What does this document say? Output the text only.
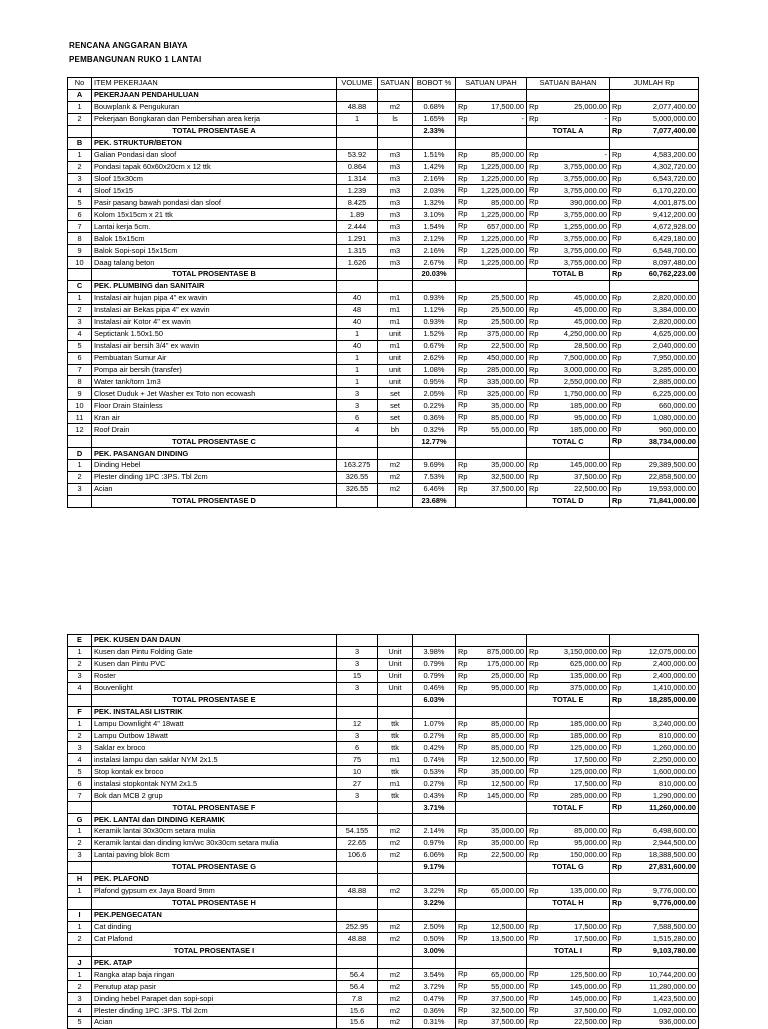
RENCANA ANGGARAN BIAYA
PEMBANGUNAN RUKO 1 LANTAI
No	ITEM PEKERJAAN	VOLUME	SATUAN	BOBOT %	SATUAN UPAH	SATUAN BAHAN	JUMLAH Rp
A	PEKERJAAN PENDAHULUAN						
1	Bouwplank & Pengukuran	48.88	m2	0.68%	Rp 17,500.00	Rp 25,000.00	Rp 2,077,400.00

2	Pekerjaan Bongkaran dan Pembersihan area kerja	1	ls	1.65%	Rp -	Rp -	Rp 5,000,000.00

	TOTAL PROSENTASE A			2.33%		TOTAL A	Rp 7,077,400.00

B	PEK. STRUKTUR/BETON						
1	Galian Pondasi dan sloof	53.92	m3	1.51%	Rp 85,000.00	Rp -	Rp 4,583,200.00

2	Pondasi tapak 60x60x20cm x 12 ttk	0.864	m3	1.42%	Rp 1,225,000.00	Rp 3,755,000.00	Rp 4,302,720.00

3	Sloof 15x30cm	1.314	m3	2.16%	Rp 1,225,000.00	Rp 3,755,000.00	Rp 6,543,720.00

4	Sloof 15x15	1.239	m3	2.03%	Rp 1,225,000.00	Rp 3,755,000.00	Rp 6,170,220.00

5	Pasir pasang bawah pondasi dan sloof	8.425	m3	1.32%	Rp 85,000.00	Rp 390,000.00	Rp 4,001,875.00

6	Kolom 15x15cm x 21 ttk	1.89	m3	3.10%	Rp 1,225,000.00	Rp 3,755,000.00	Rp 9,412,200.00

7	Lantai kerja 5cm.	2.444	m3	1.54%	Rp 657,000.00	Rp 1,255,000.00	Rp 4,672,928.00

8	Balok 15x15cm	1.291	m3	2.12%	Rp 1,225,000.00	Rp 3,755,000.00	Rp 6,429,180.00

9	Balok Sopi-sopi 15x15cm	1.315	m3	2.16%	Rp 1,225,000.00	Rp 3,755,000.00	Rp 6,548,700.00

10	Daag talang beton	1.626	m3	2.67%	Rp 1,225,000.00	Rp 3,755,000.00	Rp 8,097,480.00

	TOTAL PROSENTASE B			20.03%		TOTAL B	Rp 60,762,223.00

C	PEK. PLUMBING dan SANITAIR						
1	Instalasi air hujan pipa 4" ex wavin	40	m1	0.93%	Rp 25,500.00	Rp 45,000.00	Rp 2,820,000.00

2	Instalasi air Bekas pipa 4" ex wavin	48	m1	1.12%	Rp 25,500.00	Rp 45,000.00	Rp 3,384,000.00

3	Instalasi air Kotor 4" ex wavin	40	m1	0.93%	Rp 25,500.00	Rp 45,000.00	Rp 2,820,000.00

4	Septictank 1.50x1.50	1	unit	1.52%	Rp 375,000.00	Rp 4,250,000.00	Rp 4,625,000.00

5	Instalasi air bersih 3/4" ex wavin	40	m1	0.67%	Rp 22,500.00	Rp 28,500.00	Rp 2,040,000.00

6	Pembuatan Sumur Air	1	unit	2.62%	Rp 450,000.00	Rp 7,500,000.00	Rp 7,950,000.00

7	Pompa air bersih (transfer)	1	unit	1.08%	Rp 285,000.00	Rp 3,000,000.00	Rp 3,285,000.00

8	Water tank/torn 1m3	1	unit	0.95%	Rp 335,000.00	Rp 2,550,000.00	Rp 2,885,000.00

9	Closet Duduk + Jet Washer ex Toto non ecowash	3	set	2.05%	Rp 325,000.00	Rp 1,750,000.00	Rp 6,225,000.00

10	Floor Drain Stainless	3	set	0.22%	Rp 35,000.00	Rp 185,000.00	Rp 660,000.00

11	Kran air	6	set	0.36%	Rp 85,000.00	Rp 95,000.00	Rp 1,080,000.00

12	Roof Drain	4	bh	0.32%	Rp 55,000.00	Rp 185,000.00	Rp 960,000.00

	TOTAL PROSENTASE C			12.77%		TOTAL C	Rp 38,734,000.00

D	PEK. PASANGAN DINDING						
1	Dinding Hebel	163.275	m2	9.69%	Rp 35,000.00	Rp 145,000.00	Rp 29,389,500.00

2	Plester dinding 1PC :3PS. Tbl 2cm	326.55	m2	7.53%	Rp 32,500.00	Rp 37,500.00	Rp 22,858,500.00

3	Acian	326.55	m2	6.46%	Rp 37,500.00	Rp 22,500.00	Rp 19,593,000.00

	TOTAL PROSENTASE D			23.68%		TOTAL D	Rp 71,841,000.00
E	PEK. KUSEN DAN DAUN						
1	Kusen dan Pintu Folding Gate	3	Unit	3.98%	Rp 875,000.00	Rp 3,150,000.00	Rp 12,075,000.00

2	Kusen dan Pintu PVC	3	Unit	0.79%	Rp 175,000.00	Rp 625,000.00	Rp 2,400,000.00

3	Roster	15	Unit	0.79%	Rp 25,000.00	Rp 135,000.00	Rp 2,400,000.00

4	Bouvenlight	3	Unit	0.46%	Rp 95,000.00	Rp 375,000.00	Rp 1,410,000.00

	TOTAL PROSENTASE E			6.03%		TOTAL E	Rp 18,285,000.00

F	PEK. INSTALASI LISTRIK						
1	Lampu Downlight 4" 18watt	12	ttk	1.07%	Rp 85,000.00	Rp 185,000.00	Rp 3,240,000.00

2	Lampu Outbow 18watt	3	ttk	0.27%	Rp 85,000.00	Rp 185,000.00	Rp 810,000.00

3	Saklar ex broco	6	ttk	0.42%	Rp 85,000.00	Rp 125,000.00	Rp 1,260,000.00

4	instalasi lampu dan saklar NYM 2x1.5	75	m1	0.74%	Rp 12,500.00	Rp 17,500.00	Rp 2,250,000.00

5	Stop kontak ex broco	10	ttk	0.53%	Rp 35,000.00	Rp 125,000.00	Rp 1,600,000.00

6	instalasi stopkontak NYM 2x1.5	27	m1	0.27%	Rp 12,500.00	Rp 17,500.00	Rp 810,000.00

7	Bok dan MCB 2 grup	3	ttk	0.43%	Rp 145,000.00	Rp 285,000.00	Rp 1,290,000.00

	TOTAL PROSENTASE F			3.71%		TOTAL F	Rp 11,260,000.00

G	PEK. LANTAI dan DINDING KERAMIK						
1	Keramik lantai 30x30cm setara mulia	54.155	m2	2.14%	Rp 35,000.00	Rp 85,000.00	Rp 6,498,600.00

2	Keramik lantai dan dinding km/wc 30x30cm setara mulia	22.65	m2	0.97%	Rp 35,000.00	Rp 95,000.00	Rp 2,944,500.00

3	Lantai paving blok 8cm	106.6	m2	6.06%	Rp 22,500.00	Rp 150,000.00	Rp 18,388,500.00

	TOTAL PROSENTASE G			9.17%		TOTAL G	Rp 27,831,600.00

H	PEK. PLAFOND						
1	Plafond gypsum ex Jaya Board 9mm	48.88	m2	3.22%	Rp 65,000.00	Rp 135,000.00	Rp 9,776,000.00

	TOTAL PROSENTASE H			3.22%		TOTAL H	Rp 9,776,000.00

I	PEK.PENGECATAN						
1	Cat dinding	252.95	m2	2.50%	Rp 12,500.00	Rp 17,500.00	Rp 7,588,500.00

2	Cat Plafond	48.88	m2	0.50%	Rp 13,500.00	Rp 17,500.00	Rp 1,515,280.00

	TOTAL PROSENTASE I			3.00%		TOTAL I	Rp 9,103,780.00

J	PEK. ATAP						
1	Rangka atap baja ringan	56.4	m2	3.54%	Rp 65,000.00	Rp 125,500.00	Rp 10,744,200.00

2	Penutup atap pasir	56.4	m2	3.72%	Rp 55,000.00	Rp 145,000.00	Rp 11,280,000.00

3	Dinding hebel Parapet dan sopi-sopi	7.8	m2	0.47%	Rp 37,500.00	Rp 145,000.00	Rp 1,423,500.00

4	Plester dinding 1PC :3PS. Tbl 2cm	15.6	m2	0.36%	Rp 32,500.00	Rp 37,500.00	Rp 1,092,000.00

5	Acian	15.6	m2	0.31%	Rp 37,500.00	Rp 22,500.00	Rp 936,000.00
